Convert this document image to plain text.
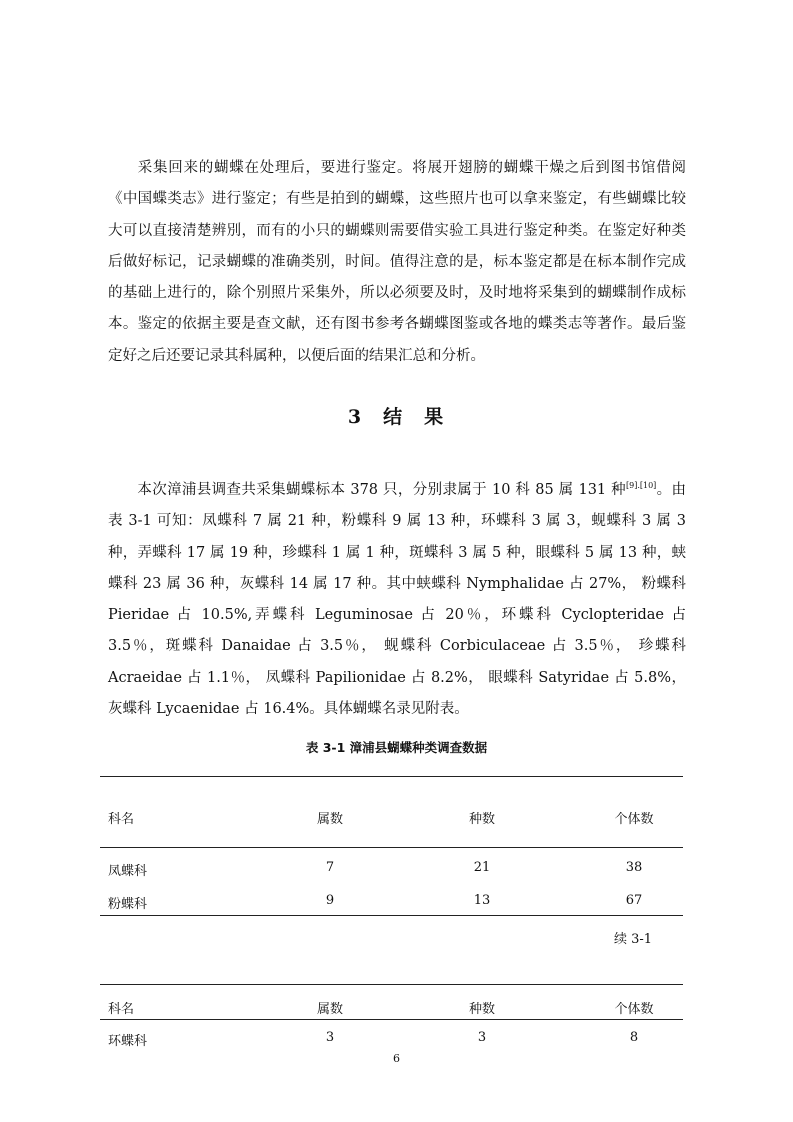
采集回来的蝴蝶在处理后，要进行鉴定。将展开翅膀的蝴蝶干燥之后到图书馆借阅《中国蝶类志》进行鉴定；有些是拍到的蝴蝶，这些照片也可以拿来鉴定，有些蝴蝶比较大可以直接清楚辨別，而有的小只的蝴蝶则需要借实验工具进行鉴定种类。在鉴定好种类后做好标记，记录蝴蝶的准确类别，时间。值得注意的是，标本鉴定都是在标本制作完成的基础上进行的，除个别照片采集外，所以必须要及时，及时地将采集到的蝴蝶制作成标本。鉴定的依据主要是查文献，还有图书参考各蝴蝶图鉴或各地的蝶类志等著作。最后鉴定好之后还要记录其科属种，以便后面的结果汇总和分析。

3 结 果

本次漳浦县调查共采集蝴蝶标本 378 只，分别隶属于 10 科 85 属 131 种[9].[10]。由表 3-1 可知：凤蝶科 7 属 21 种，粉蝶科 9 属 13 种，环蝶科 3 属 3，蚬蝶科 3 属 3 种，弄蝶科 17 属 19 种，珍蝶科 1 属 1 种，斑蝶科 3 属 5 种，眼蝶科 5 属 13 种，蛱蝶科 23 属 36 种，灰蝶科 14 属 17 种。其中蛱蝶科 Nymphalidae 占 27%， 粉蝶科 Pieridae 占 10.5%,弄蝶科 Leguminosae 占 20％，环蝶科 Cyclopteridae 占 3.5％，斑蝶科 Danaidae 占 3.5％， 蚬蝶科 Corbiculaceae 占 3.5％， 珍蝶科 Acraeidae 占 1.1％， 凤蝶科 Papilionidae 占 8.2%， 眼蝶科 Satyridae 占 5.8%，灰蝶科 Lycaenidae 占 16.4%。具体蝴蝶名录见附表。

表 3-1 漳浦县蝴蝶种类调查数据
科名	属数	种数	个体数
凤蝶科	7	21	38
粉蝶科	9	13	67
续 3-1
科名	属数	种数	个体数
环蝶科	3	3	8
6
